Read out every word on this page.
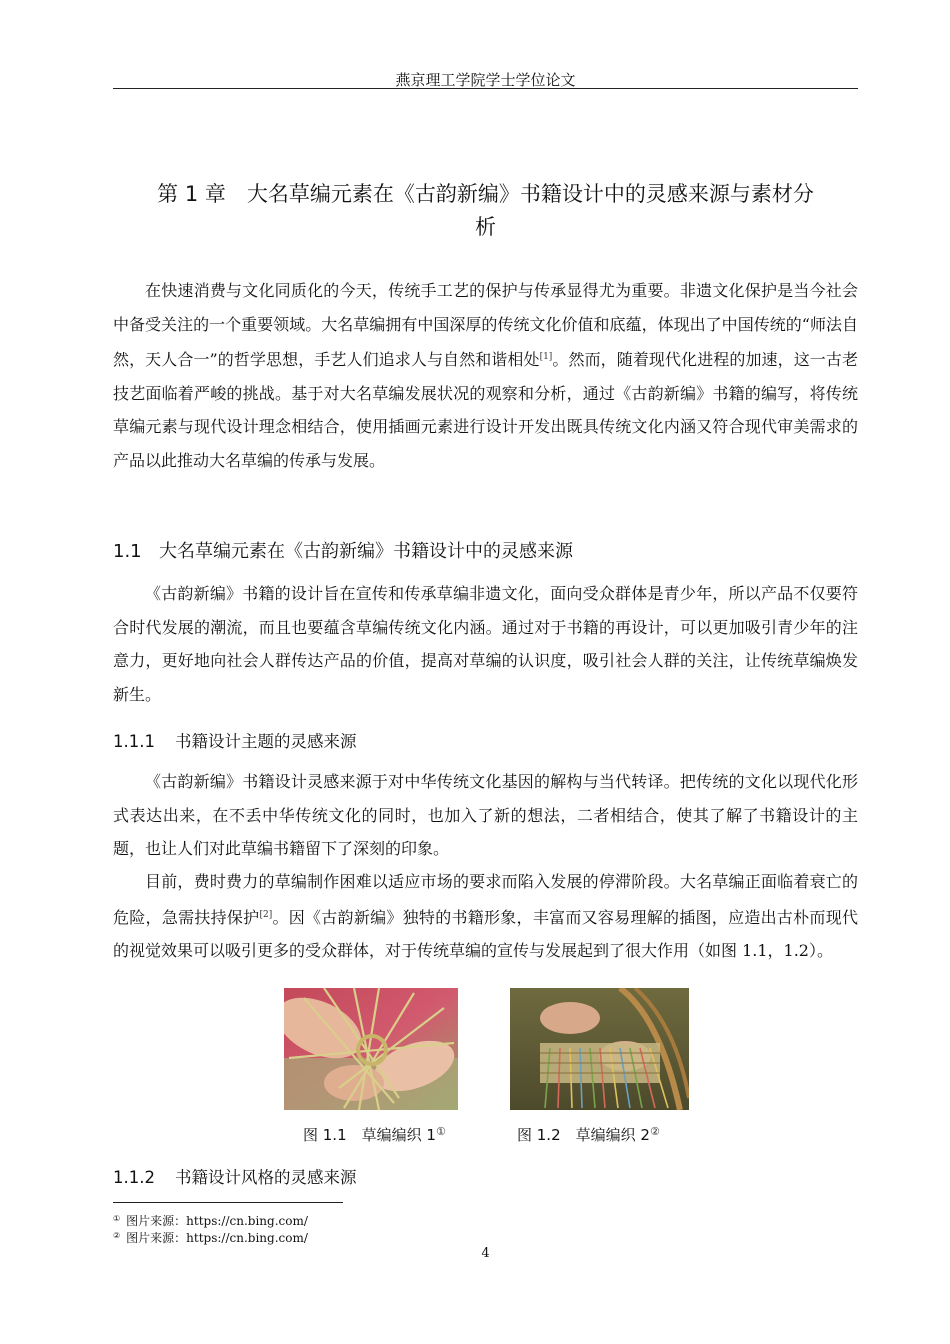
燕京理工学院学士学位论文
第 1 章　大名草编元素在《古韵新编》书籍设计中的灵感来源与素材分
析
在快速消费与文化同质化的今天，传统手工艺的保护与传承显得尤为重要。非遗文化保护是当今社会中备受关注的一个重要领域。大名草编拥有中国深厚的传统文化价值和底蕴，体现出了中国传统的“师法自然，天人合一”的哲学思想，手艺人们追求人与自然和谐相处[1]。然而，随着现代化进程的加速，这一古老技艺面临着严峻的挑战。基于对大名草编发展状况的观察和分析，通过《古韵新编》书籍的编写，将传统草编元素与现代设计理念相结合，使用插画元素进行设计开发出既具传统文化内涵又符合现代审美需求的产品以此推动大名草编的传承与发展。
1.1 大名草编元素在《古韵新编》书籍设计中的灵感来源
《古韵新编》书籍的设计旨在宣传和传承草编非遗文化，面向受众群体是青少年，所以产品不仅要符合时代发展的潮流，而且也要蕴含草编传统文化内涵。通过对于书籍的再设计，可以更加吸引青少年的注意力，更好地向社会人群传达产品的价值，提高对草编的认识度，吸引社会人群的关注，让传统草编焕发新生。
1.1.1 书籍设计主题的灵感来源
《古韵新编》书籍设计灵感来源于对中华传统文化基因的解构与当代转译。把传统的文化以现代化形式表达出来，在不丢中华传统文化的同时，也加入了新的想法，二者相结合，使其了解了书籍设计的主题，也让人们对此草编书籍留下了深刻的印象。
目前，费时费力的草编制作困难以适应市场的要求而陷入发展的停滞阶段。大名草编正面临着衰亡的危险，急需扶持保护[2]。因《古韵新编》独特的书籍形象，丰富而又容易理解的插图，应造出古朴而现代的视觉效果可以吸引更多的受众群体，对于传统草编的宣传与发展起到了很大作用（如图 1.1，1.2）。
图 1.1　草编编织 1①	图 1.2　草编编织 2②
1.1.2 书籍设计风格的灵感来源
① 图片来源：https://cn.bing.com/
② 图片来源：https://cn.bing.com/
4
